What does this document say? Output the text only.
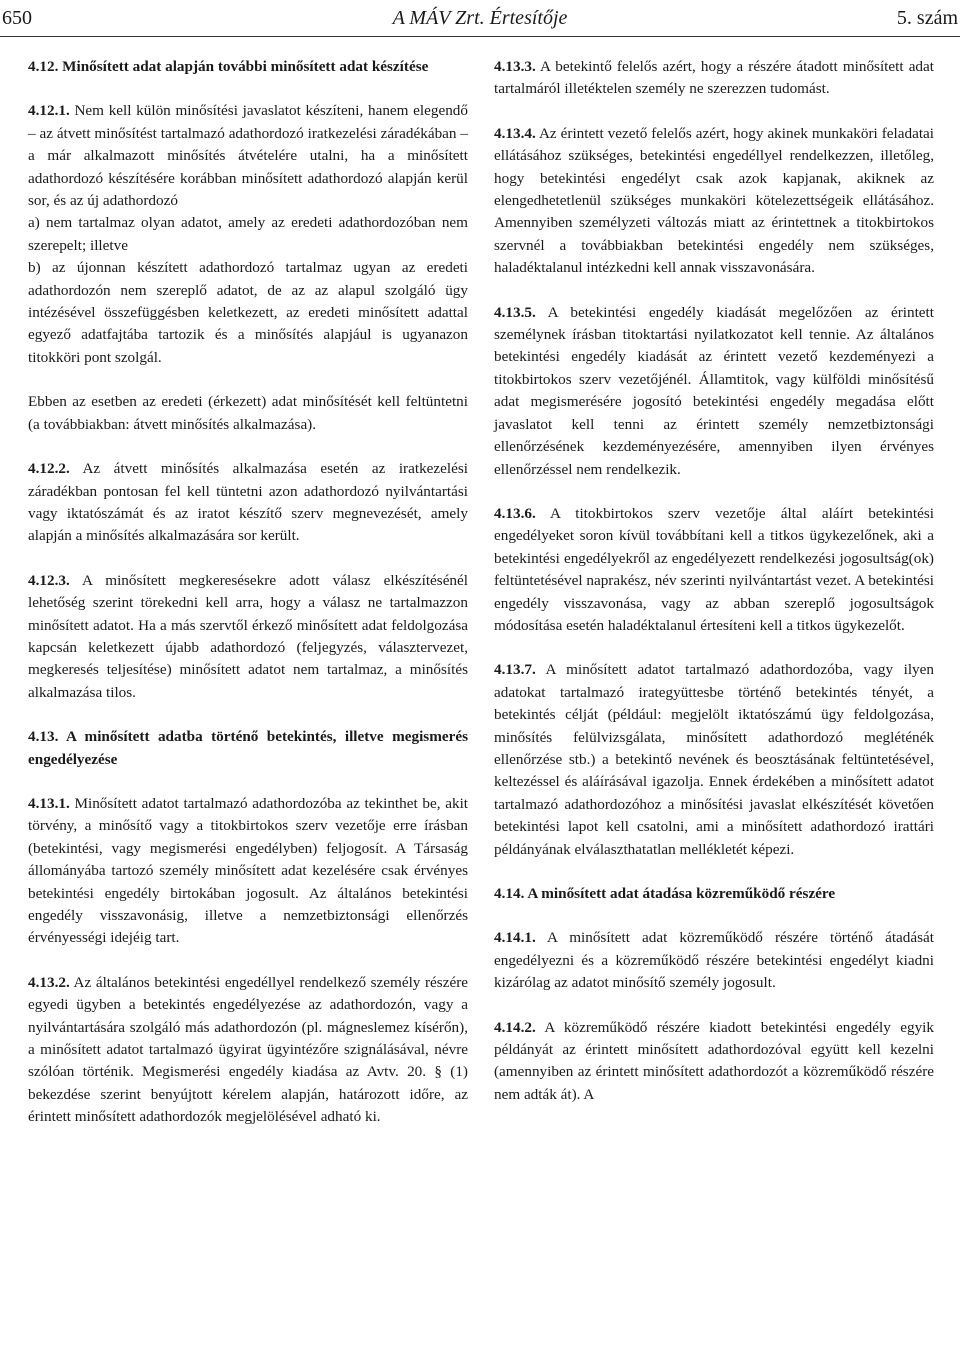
650	A MÁV Zrt. Értesítője	5. szám

4.12. Minősített adat alapján további minősített adat készítése

4.12.1. Nem kell külön minősítési javaslatot készíteni, hanem elegendő – az átvett minősítést tartalmazó adathordozó iratkezelési záradékában – a már alkalmazott minősítés átvételére utalni, ha a minősített adathordozó készítésére korábban minősített adathordozó alapján kerül sor, és az új adathordozó

a) nem tartalmaz olyan adatot, amely az eredeti adathordozóban nem szerepelt; illetve

b) az újonnan készített adathordozó tartalmaz ugyan az eredeti adathordozón nem szereplő adatot, de az az alapul szolgáló ügy intézésével összefüggésben keletkezett, az eredeti minősített adattal egyező adatfajtába tartozik és a minősítés alapjául is ugyanazon titokköri pont szolgál.

Ebben az esetben az eredeti (érkezett) adat minősítését kell feltüntetni (a továbbiakban: átvett minősítés alkalmazása).

4.12.2. Az átvett minősítés alkalmazása esetén az iratkezelési záradékban pontosan fel kell tüntetni azon adathordozó nyilvántartási vagy iktatószámát és az iratot készítő szerv megnevezését, amely alapján a minősítés alkalmazására sor került.

4.12.3. A minősített megkeresésekre adott válasz elkészítésénél lehetőség szerint törekedni kell arra, hogy a válasz ne tartalmazzon minősített adatot. Ha a más szervtől érkező minősített adat feldolgozása kapcsán keletkezett újabb adathordozó (feljegyzés, választervezet, megkeresés teljesítése) minősített adatot nem tartalmaz, a minősítés alkalmazása tilos.

4.13. A minősített adatba történő betekintés, illetve megismerés engedélyezése

4.13.1. Minősített adatot tartalmazó adathordozóba az tekinthet be, akit törvény, a minősítő vagy a titokbirtokos szerv vezetője erre írásban (betekintési, vagy megismerési engedélyben) feljogosít. A Társaság állományába tartozó személy minősített adat kezelésére csak érvényes betekintési engedély birtokában jogosult. Az általános betekintési engedély visszavonásig, illetve a nemzetbiztonsági ellenőrzés érvényességi idejéig tart.

4.13.2. Az általános betekintési engedéllyel rendelkező személy részére egyedi ügyben a betekintés engedélyezése az adathordozón, vagy a nyilvántartására szolgáló más adathordozón (pl. mágneslemez kísérőn), a minősített adatot tartalmazó ügyirat ügyintézőre szignálásával, névre szólóan történik. Megismerési engedély kiadása az Avtv. 20. § (1) bekezdése szerint benyújtott kérelem alapján, határozott időre, az érintett minősített adathordozók megjelölésével adható ki.

4.13.3. A betekintő felelős azért, hogy a részére átadott minősített adat tartalmáról illetéktelen személy ne szerezzen tudomást.

4.13.4. Az érintett vezető felelős azért, hogy akinek munkaköri feladatai ellátásához szükséges, betekintési engedéllyel rendelkezzen, illetőleg, hogy betekintési engedélyt csak azok kapjanak, akiknek az elengedhetetlenül szükséges munkaköri kötelezettségeik ellátásához. Amennyiben személyzeti változás miatt az érintettnek a titokbirtokos szervnél a továbbiakban betekintési engedély nem szükséges, haladéktalanul intézkedni kell annak visszavonására.

4.13.5. A betekintési engedély kiadását megelőzően az érintett személynek írásban titoktartási nyilatkozatot kell tennie. Az általános betekintési engedély kiadását az érintett vezető kezdeményezi a titokbirtokos szerv vezetőjénél. Államtitok, vagy külföldi minősítésű adat megismerésére jogosító betekintési engedély megadása előtt javaslatot kell tenni az érintett személy nemzetbiztonsági ellenőrzésének kezdeményezésére, amennyiben ilyen érvényes ellenőrzéssel nem rendelkezik.

4.13.6. A titokbirtokos szerv vezetője által aláírt betekintési engedélyeket soron kívül továbbítani kell a titkos ügykezelőnek, aki a betekintési engedélyekről az engedélyezett rendelkezési jogosultság(ok) feltüntetésével naprakész, név szerinti nyilvántartást vezet. A betekintési engedély visszavonása, vagy az abban szereplő jogosultságok módosítása esetén haladéktalanul értesíteni kell a titkos ügykezelőt.

4.13.7. A minősített adatot tartalmazó adathordozóba, vagy ilyen adatokat tartalmazó irategyüttesbe történő betekintés tényét, a betekintés célját (például: megjelölt iktatószámú ügy feldolgozása, minősítés felülvizsgálata, minősített adathordozó megléténék ellenőrzése stb.) a betekintő nevének és beosztásának feltüntetésével, keltezéssel és aláírásával igazolja. Ennek érdekében a minősített adatot tartalmazó adathordozóhoz a minősítési javaslat elkészítését követően betekintési lapot kell csatolni, ami a minősített adathordozó irattári példányának elválaszthatatlan mellékletét képezi.

4.14. A minősített adat átadása közreműködő részére

4.14.1. A minősített adat közreműködő részére történő átadását engedélyezni és a közreműködő részére betekintési engedélyt kiadni kizárólag az adatot minősítő személy jogosult.

4.14.2. A közreműködő részére kiadott betekintési engedély egyik példányát az érintett minősített adathordozóval együtt kell kezelni (amennyiben az érintett minősített adathordozót a közreműködő részére nem adták át). A
